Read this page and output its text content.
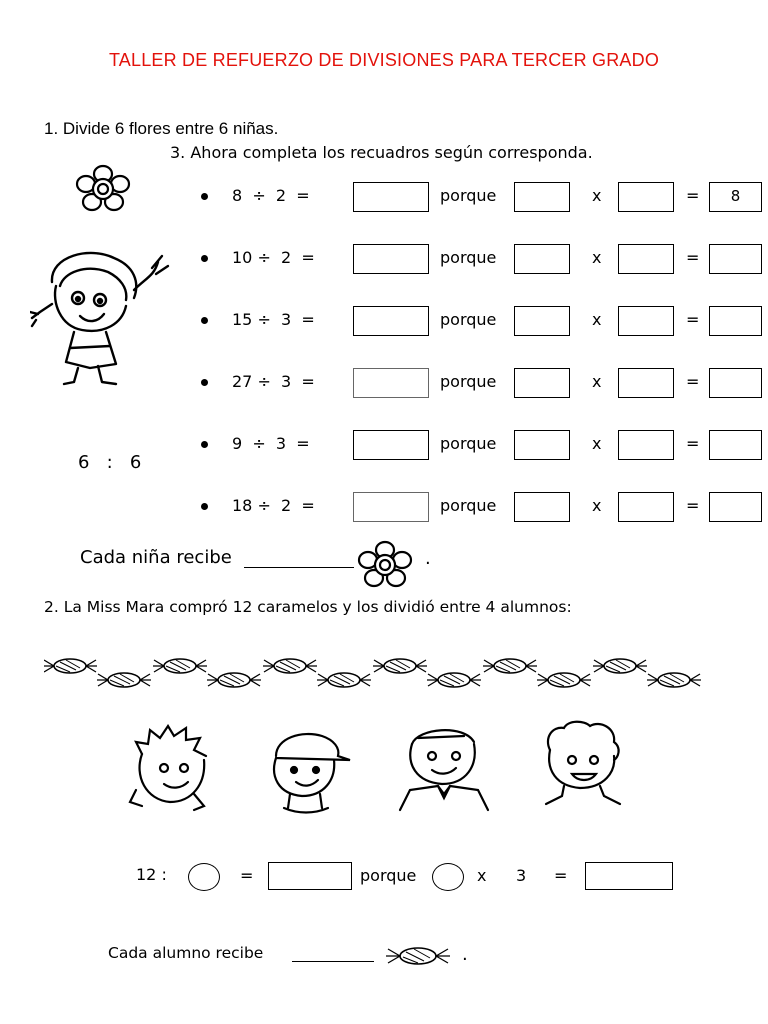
TALLER DE REFUERZO DE DIVISIONES PARA TERCER GRADO
1. Divide 6 flores entre 6 niñas.
3. Ahora completa los recuadros según corresponda.
6   :   6
8  ÷  2  =	porque	x	=	8
10 ÷  2  =	porque	x	=
15 ÷  3  =	porque	x	=
27 ÷  3  =	porque	x	=
9  ÷  3  =	porque	x	=
18 ÷  2  =	porque	x	=
Cada niña recibe	.
2. La Miss Mara compró 12 caramelos y los dividió entre 4 alumnos:
12 :	=	porque	x 3 =
Cada alumno recibe	.
